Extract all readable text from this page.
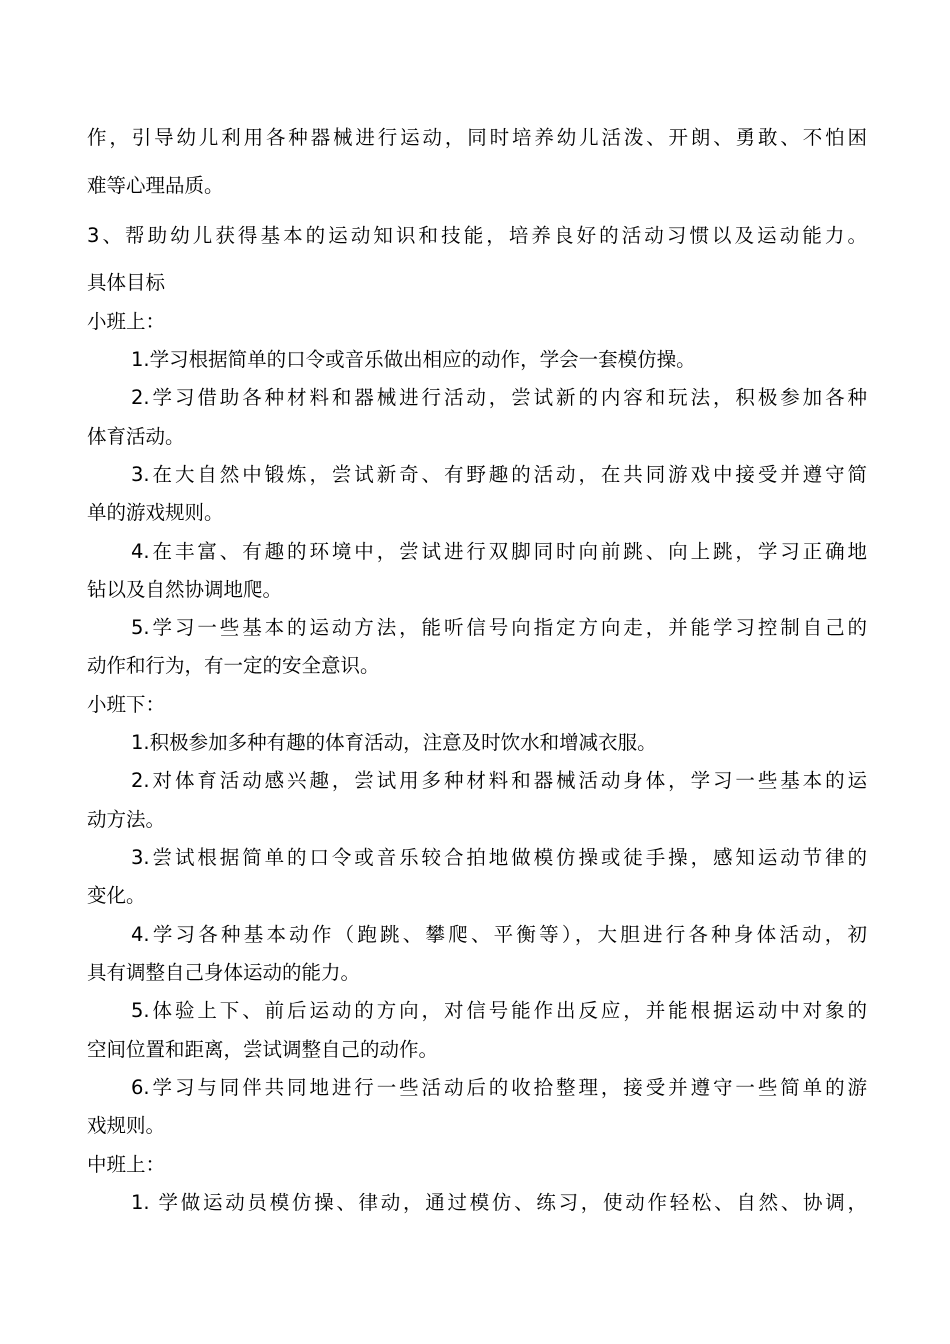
作，引导幼儿利用各种器械进行运动，同时培养幼儿活泼、开朗、勇敢、不怕困
难等心理品质。
3、帮助幼儿获得基本的运动知识和技能，培养良好的活动习惯以及运动能力。
具体目标
小班上：
1.学习根据简单的口令或音乐做出相应的动作，学会一套模仿操。
2.学习借助各种材料和器械进行活动，尝试新的内容和玩法，积极参加各种
体育活动。
3.在大自然中锻炼，尝试新奇、有野趣的活动，在共同游戏中接受并遵守简
单的游戏规则。
4.在丰富、有趣的环境中，尝试进行双脚同时向前跳、向上跳，学习正确地
钻以及自然协调地爬。
5.学习一些基本的运动方法，能听信号向指定方向走，并能学习控制自己的
动作和行为，有一定的安全意识。
小班下：
1.积极参加多种有趣的体育活动，注意及时饮水和增减衣服。
2.对体育活动感兴趣，尝试用多种材料和器械活动身体，学习一些基本的运
动方法。
3.尝试根据简单的口令或音乐较合拍地做模仿操或徒手操，感知运动节律的
变化。
4.学习各种基本动作（跑跳、攀爬、平衡等），大胆进行各种身体活动，初
具有调整自己身体运动的能力。
5.体验上下、前后运动的方向，对信号能作出反应，并能根据运动中对象的
空间位置和距离，尝试调整自己的动作。
6.学习与同伴共同地进行一些活动后的收拾整理，接受并遵守一些简单的游
戏规则。
中班上：
1. 学做运动员模仿操、律动，通过模仿、练习，使动作轻松、自然、协调，
